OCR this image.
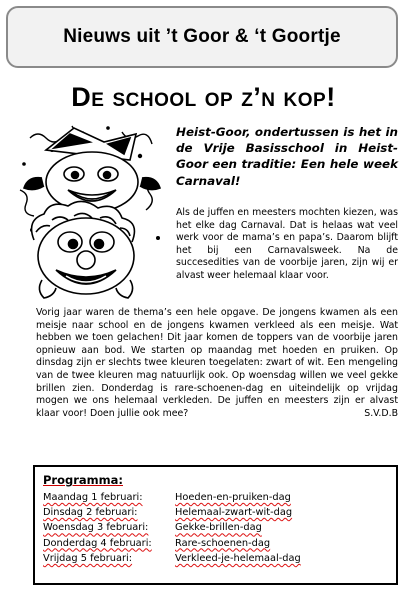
Nieuws uit ’t Goor & ‘t Goortje
De school op z’n kop!
Heist-Goor, ondertussen is het in de Vrije Basisschool in Heist-Goor een traditie: Een hele week Carnaval!
Als de juffen en meesters mochten kiezen, was het elke dag Carnaval. Dat is helaas wat veel werk voor de mama’s en papa’s. Daarom blijft het bij een Carnavalsweek. Na de succesedities van de voorbije jaren, zijn wij er alvast weer helemaal klaar voor.
Vorig jaar waren de thema’s een hele opgave. De jongens kwamen als een meisje naar school en de jongens kwamen verkleed als een meisje. Wat hebben we toen gelachen! Dit jaar komen de toppers van de voorbije jaren opnieuw aan bod. We starten op maandag met hoeden en pruiken. Op dinsdag zijn er slechts twee kleuren toegelaten: zwart of wit. Een mengeling van de twee kleuren mag natuurlijk ook. Op woensdag willen we veel gekke brillen zien. Donderdag is rare-schoenen-dag en uiteindelijk op vrijdag mogen we ons helemaal verkleden. De juffen en meesters zijn er alvast klaar voor! Doen jullie ook mee?	S.V.D.B
Programma:
Maandag 1 februari:	Hoeden-en-pruiken-dag
Dinsdag 2 februari:	Helemaal-zwart-wit-dag
Woensdag 3 februari:	Gekke-brillen-dag
Donderdag 4 februari:	Rare-schoenen-dag
Vrijdag 5 februari:	Verkleed-je-helemaal-dag
